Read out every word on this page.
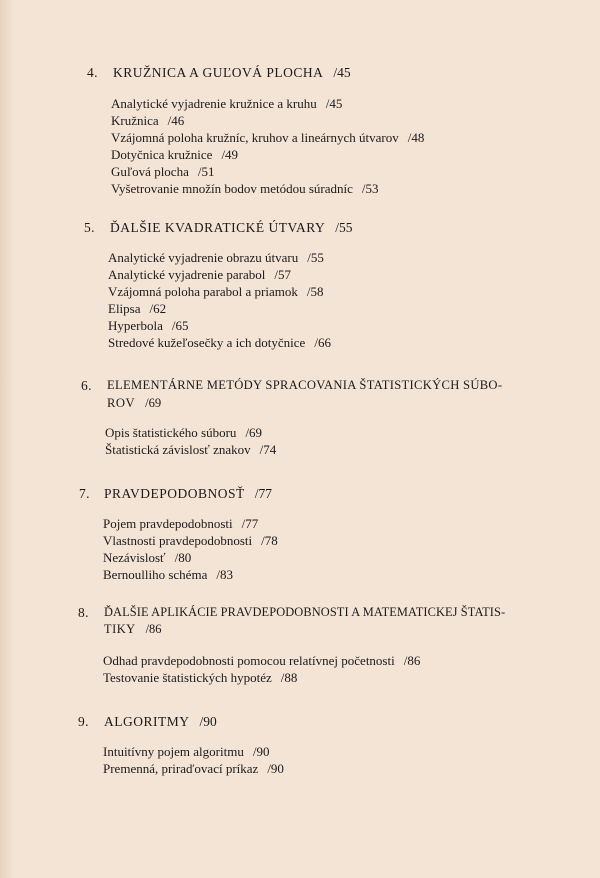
4.	KRUŽNICA A GUĽOVÁ PLOCHA /45
Analytické vyjadrenie kružnice a kruhu /45
Kružnica /46
Vzájomná poloha kružníc, kruhov a lineárnych útvarov /48
Dotyčnica kružnice /49
Guľová plocha /51
Vyšetrovanie množín bodov metódou súradníc /53
5.	ĎALŠIE KVADRATICKÉ ÚTVARY /55
Analytické vyjadrenie obrazu útvaru /55
Analytické vyjadrenie parabol /57
Vzájomná poloha parabol a priamok /58
Elipsa /62
Hyperbola /65
Stredové kužeľosečky a ich dotyčnice /66
6.	ELEMENTÁRNE METÓDY SPRACOVANIA ŠTATISTICKÝCH SÚBO-
ROV /69
Opis štatistického súboru /69
Štatistická závislosť znakov /74
7.	PRAVDEPODOBNOSŤ /77
Pojem pravdepodobnosti /77
Vlastnosti pravdepodobnosti /78
Nezávislosť /80
Bernoulliho schéma /83
8.	ĎALŠIE APLIKÁCIE PRAVDEPODOBNOSTI A MATEMATICKEJ ŠTATIS-
TIKY /86
Odhad pravdepodobnosti pomocou relatívnej početnosti /86
Testovanie štatistických hypotéz /88
9.	ALGORITMY /90
Intuitívny pojem algoritmu /90
Premenná, priraďovací príkaz /90
